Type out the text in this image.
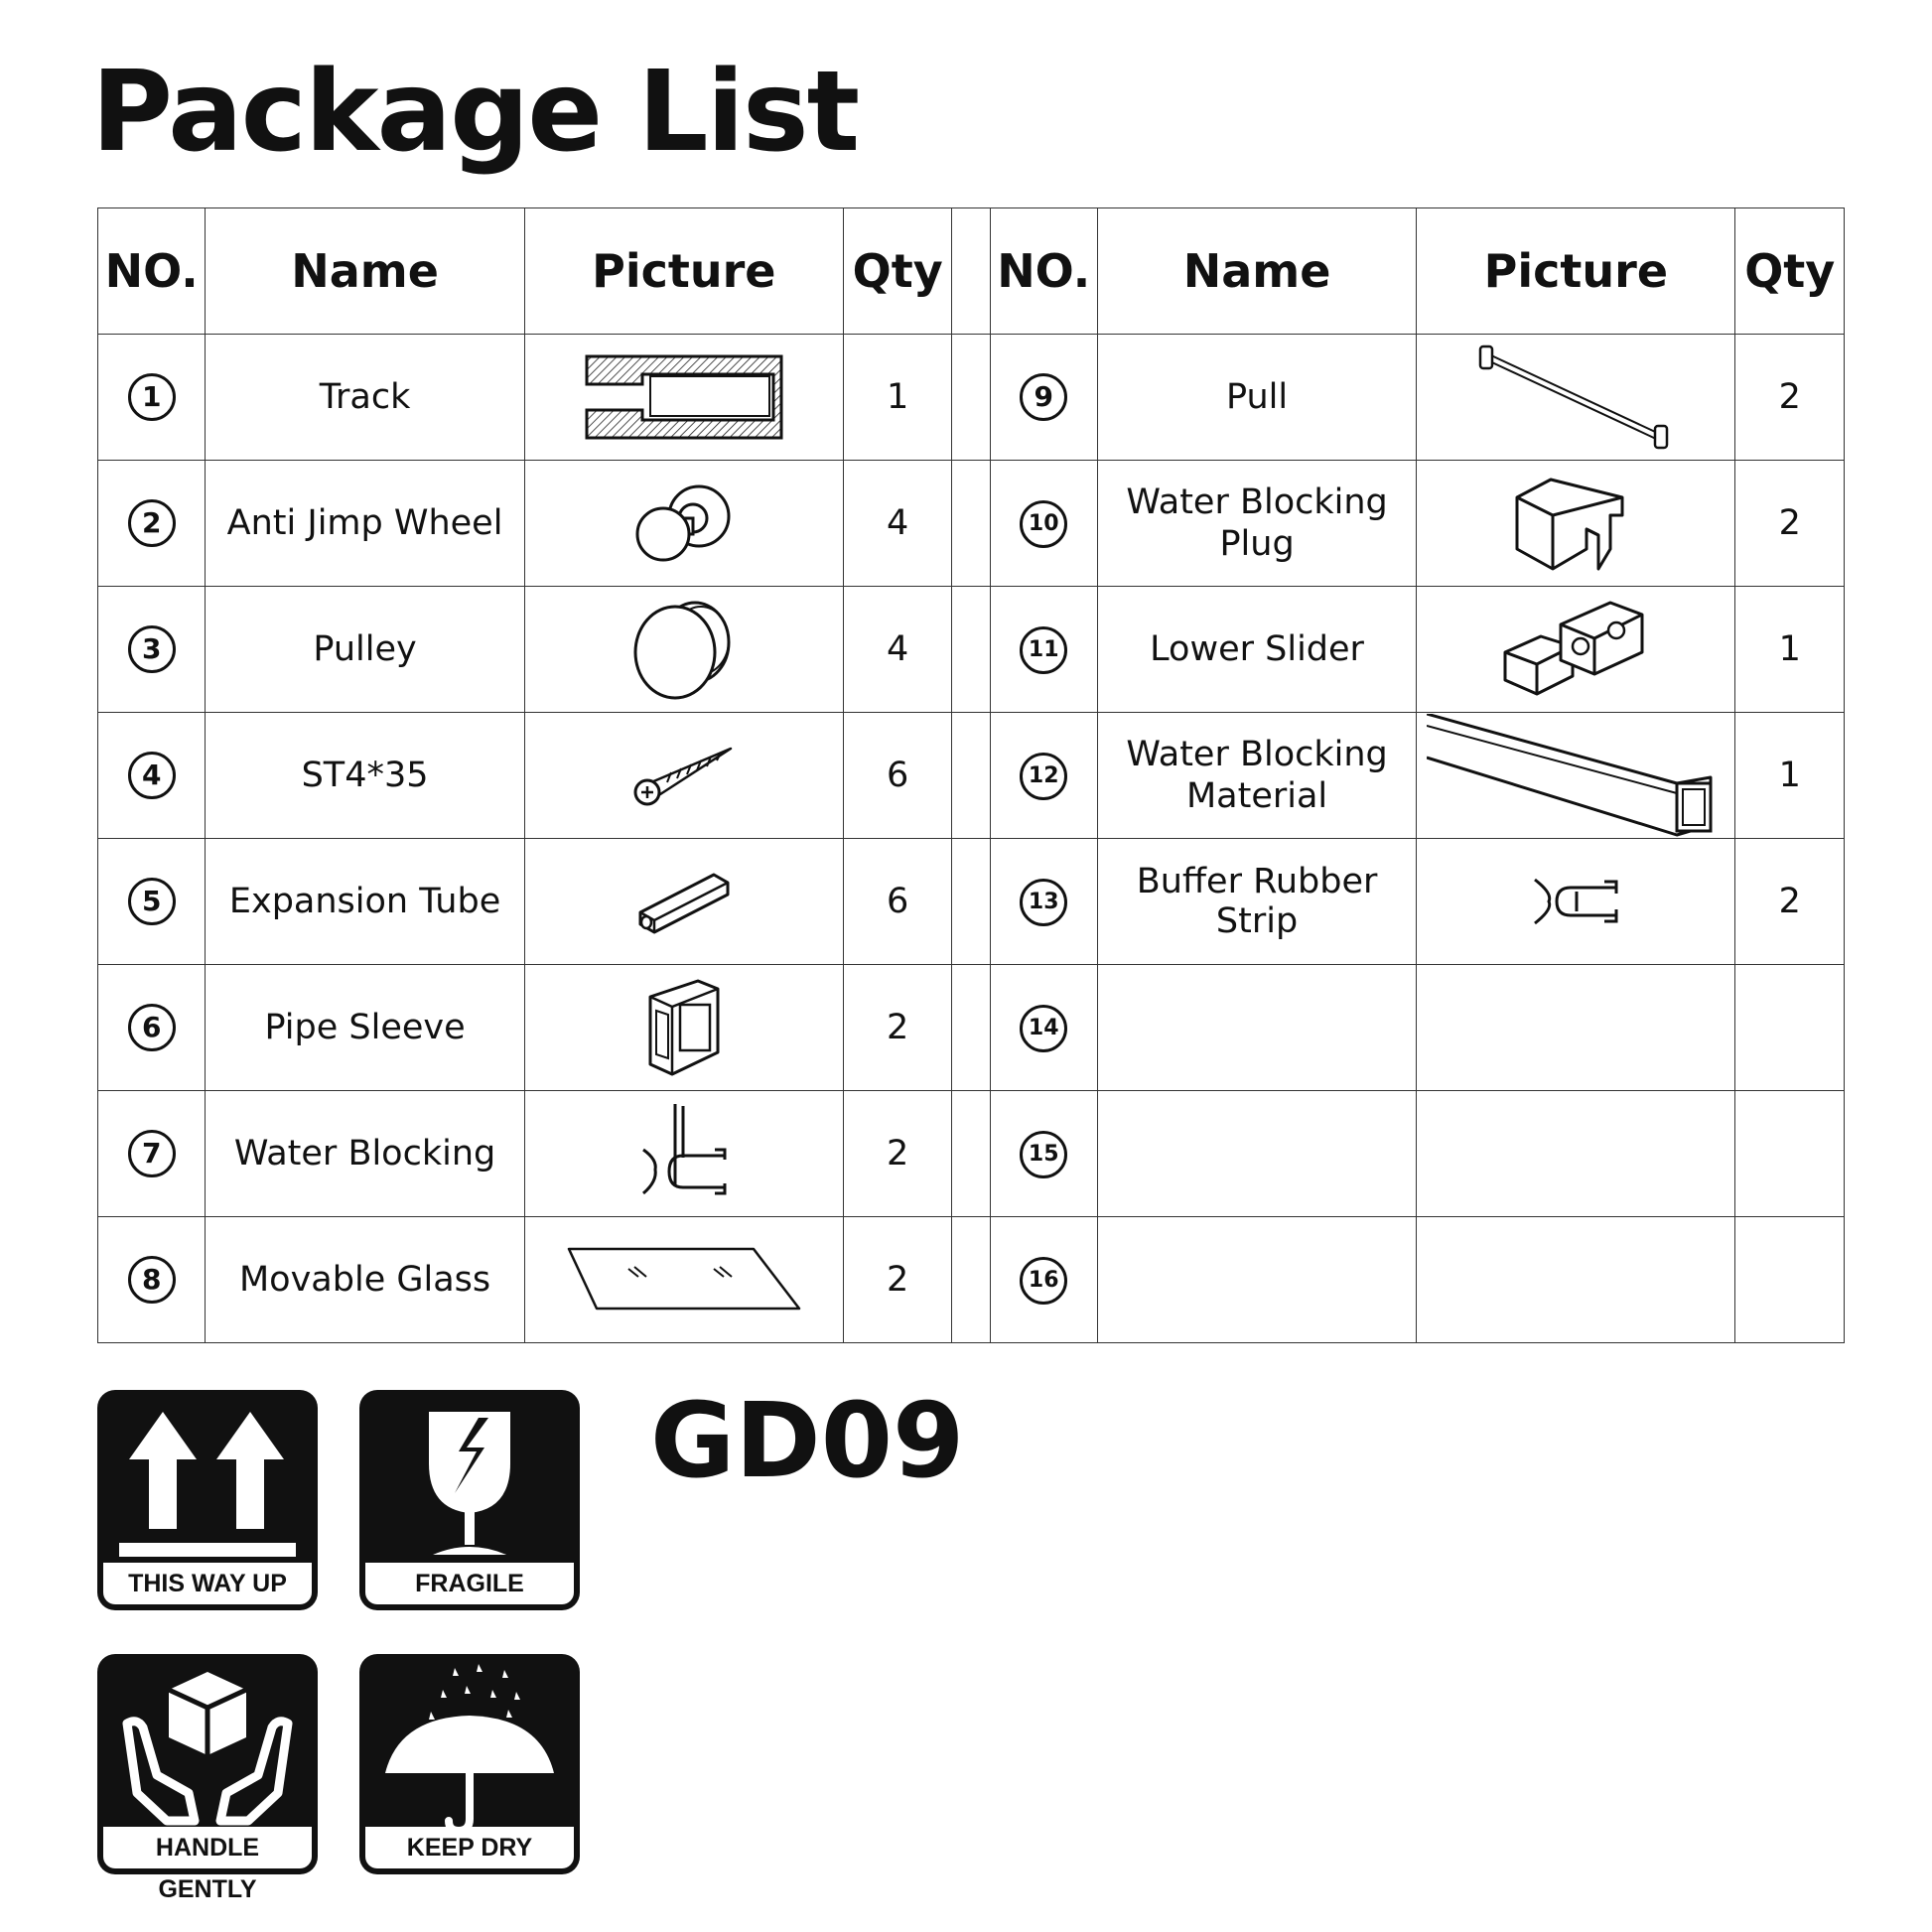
Package List
NO.	Name	Picture	Qty		NO.	Name	Picture	Qty
1	Track		1		9	Pull		2
2	Anti Jimp Wheel		4		10	Water Blocking Plug		2
3	Pulley		4		11	Lower Slider		1
4	ST4*35		6		12	Water Blocking Material		1
5	Expansion Tube		6		13	Buffer Rubber Strip		2
6	Pipe Sleeve		2		14			
7	Water Blocking		2		15			
8	Movable Glass		2		16			
THIS WAY UP	FRAGILE
HANDLE GENTLY
KEEP DRY
GD09
